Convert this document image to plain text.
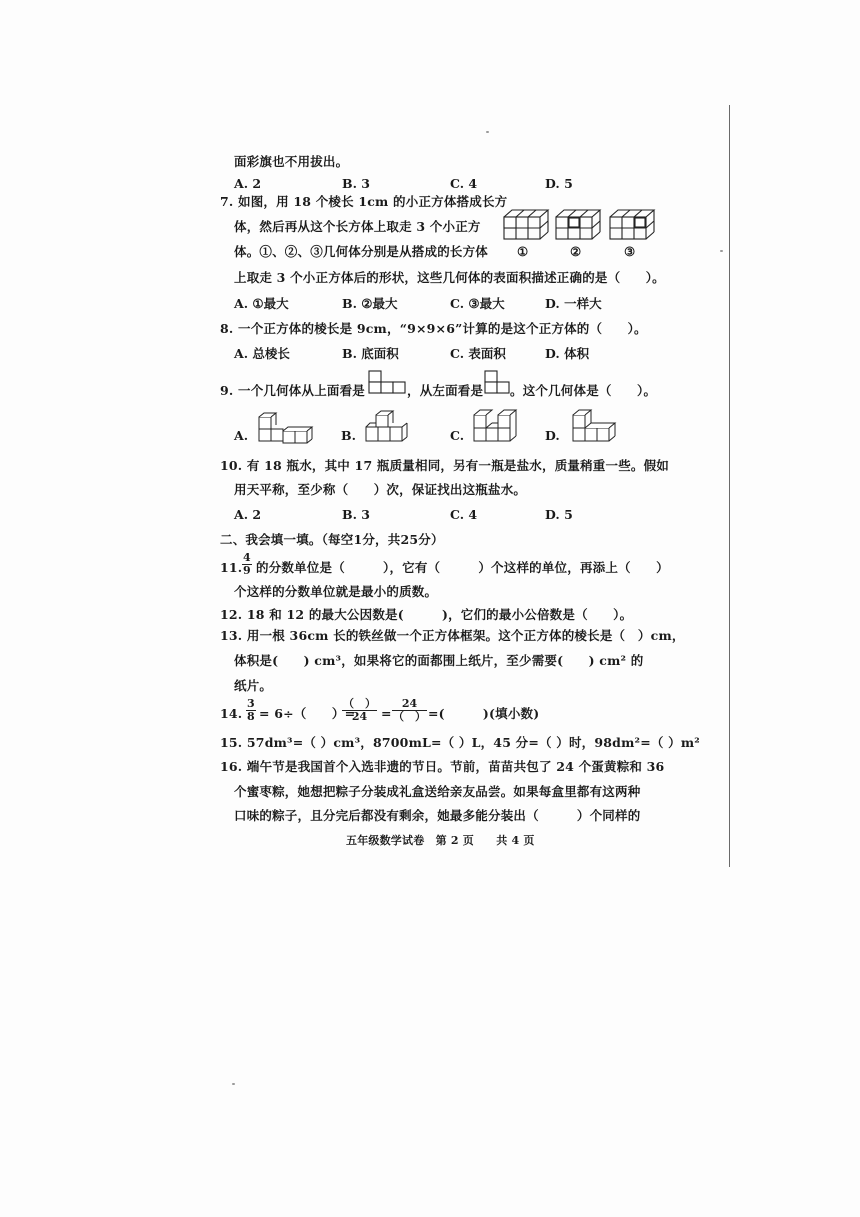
面彩旗也不用拔出。
A. 2	B. 3	C. 4	D. 5
7. 如图，用 18 个棱长 1cm 的小正方体搭成长方
体，然后再从这个长方体上取走 3 个小正方
体。①、②、③几何体分别是从搭成的长方体
上取走 3 个小正方体后的形状，这些几何体的表面积描述正确的是（　　）。
①	②	③
A. ①最大	B. ②最大	C. ③最大	D. 一样大
8. 一个正方体的棱长是 9cm，“9×9×6”计算的是这个正方体的（　　）。
A. 总棱长	B. 底面积	C. 表面积	D. 体积
9. 一个几何体从上面看是	，从左面看是 。这个几何体是（　　）。
A.	B.	C.	D.
10. 有 18 瓶水，其中 17 瓶质量相同，另有一瓶是盐水，质量稍重一些。假如
用天平称，至少称（　　）次，保证找出这瓶盐水。
A. 2	B. 3	C. 4	D. 5
二、我会填一填。（每空1分，共25分）
11. $\frac{4}{9}$ 的分数单位是（　　　），它有（　　　）个这样的单位，再添上（　　）
个这样的分数单位就是最小的质数。
12. 18 和 12 的最大公因数是(　　　)，它们的最小公倍数是（　　）。
13. 用一根 36cm 长的铁丝做一个正方体框架。这个正方体的棱长是（　）cm，
体积是(　　) cm³，如果将它的面都围上纸片，至少需要(　　) cm² 的
纸片。
14. $\frac{3}{8} = 6\div$（　　）=
（　）
24	=
24
（　） =(　　　)(填小数)
15. 57dm³=（ ）cm³，8700mL=（ ）L，45 分=（ ）时，98dm²=（ ）m²
16. 端午节是我国首个入选非遗的节日。节前，苗苗共包了 24 个蛋黄粽和 36
个蜜枣粽，她想把粽子分装成礼盒送给亲友品尝。如果每盒里都有这两种
口味的粽子，且分完后都没有剩余，她最多能分装出（　　　）个同样的
五年级数学试卷　第 2 页　　共 4 页
